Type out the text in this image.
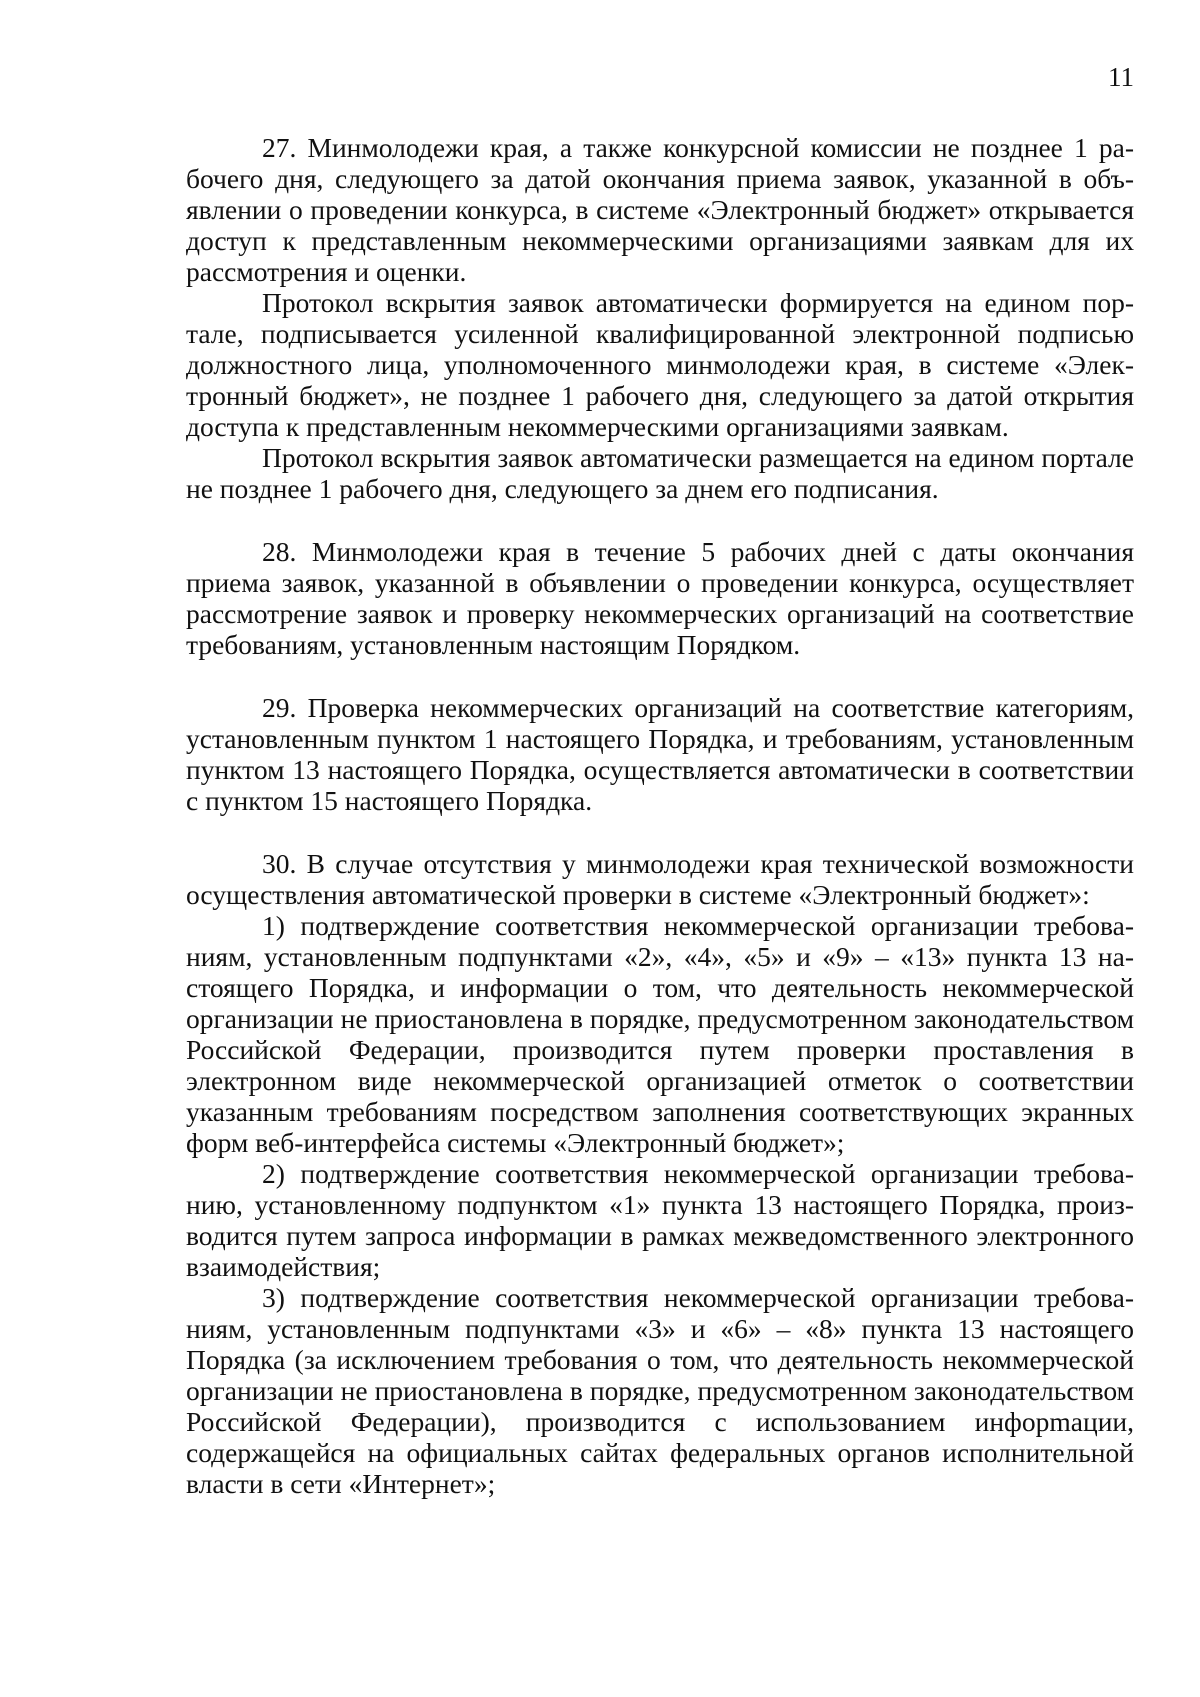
11

27. Минмолодежи края, а также конкурсной комиссии не позднее 1 рабочего дня, следующего за датой окончания приема заявок, указанной в объявлении о проведении конкурса, в системе «Электронный бюджет» открывается доступ к представленным некоммерческими организациями заявкам для их рассмотрения и оценки.

Протокол вскрытия заявок автоматически формируется на едином портале, подписывается усиленной квалифицированной электронной подписью должностного лица, уполномоченного минмолодежи края, в системе «Электронный бюджет», не позднее 1 рабочего дня, следующего за датой открытия доступа к представленным некоммерческими организациями заявкам.

Протокол вскрытия заявок автоматически размещается на едином портале не позднее 1 рабочего дня, следующего за днем его подписания.

28. Минмолодежи края в течение 5 рабочих дней с даты окончания приема заявок, указанной в объявлении о проведении конкурса, осуществляет рассмотрение заявок и проверку некоммерческих организаций на соответствие требованиям, установленным настоящим Порядком.

29. Проверка некоммерческих организаций на соответствие категориям, установленным пунктом 1 настоящего Порядка, и требованиям, установленным пунктом 13 настоящего Порядка, осуществляется автоматически в соответствии с пунктом 15 настоящего Порядка.

30. В случае отсутствия у минмолодежи края технической возможности осуществления автоматической проверки в системе «Электронный бюджет»:

1) подтверждение соответствия некоммерческой организации требованиям, установленным подпунктами «2», «4», «5» и «9» – «13» пункта 13 настоящего Порядка, и информации о том, что деятельность некоммерческой организации не приостановлена в порядке, предусмотренном законодательством Российской Федерации, производится путем проверки проставления в электронном виде некоммерческой организацией отметок о соответствии указанным требованиям посредством заполнения соответствующих экранных форм веб-интерфейса системы «Электронный бюджет»;

2) подтверждение соответствия некоммерческой организации требованию, установленному подпунктом «1» пункта 13 настоящего Порядка, производится путем запроса информации в рамках межведомственного электронного взаимодействия;

3) подтверждение соответствия некоммерческой организации требованиям, установленным подпунктами «3» и «6» – «8» пункта 13 настоящего Порядка (за исключением требования о том, что деятельность некоммерческой организации не приостановлена в порядке, предусмотренном законодательством Российской Федерации), производится с использованием инфорmации, содержащейся на официальных сайтах федеральных органов исполнительной власти в сети «Интернет»;
